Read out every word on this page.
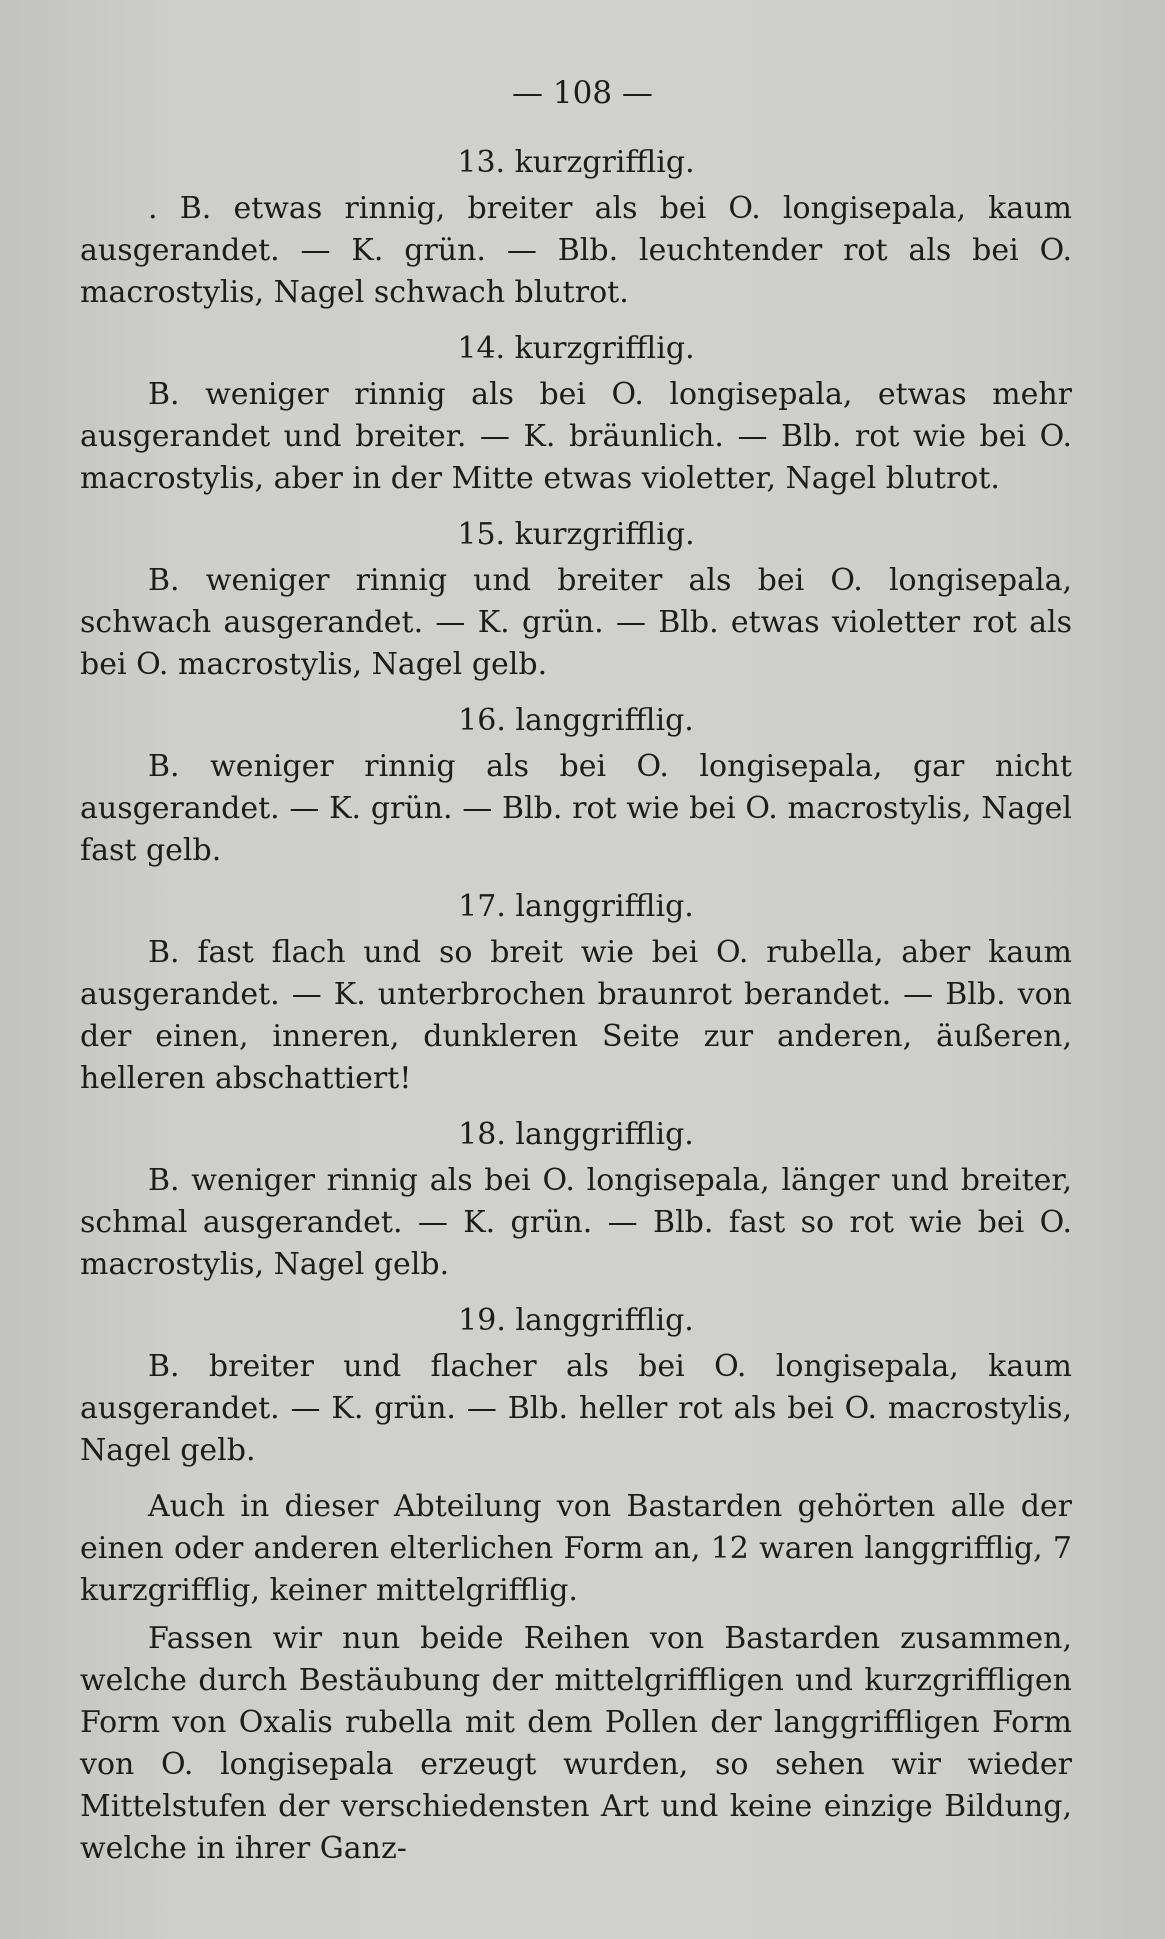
— 108 —
13. kurzgrifflig.

. B. etwas rinnig, breiter als bei O. longisepala, kaum ausgerandet. — K. grün. — Blb. leuchtender rot als bei O. macrostylis, Nagel schwach blutrot.

14. kurzgrifflig.

B. weniger rinnig als bei O. longisepala, etwas mehr ausgerandet und breiter. — K. bräunlich. — Blb. rot wie bei O. macrostylis, aber in der Mitte etwas violetter, Nagel blutrot.

15. kurzgrifflig.

B. weniger rinnig und breiter als bei O. longisepala, schwach ausgerandet. — K. grün. — Blb. etwas violetter rot als bei O. macrostylis, Nagel gelb.

16. langgrifflig.

B. weniger rinnig als bei O. longisepala, gar nicht ausgerandet. — K. grün. — Blb. rot wie bei O. macrostylis, Nagel fast gelb.

17. langgrifflig.

B. fast flach und so breit wie bei O. rubella, aber kaum ausgerandet. — K. unterbrochen braunrot berandet. — Blb. von der einen, inneren, dunkleren Seite zur anderen, äußeren, helleren abschattiert!

18. langgrifflig.

B. weniger rinnig als bei O. longisepala, länger und breiter, schmal ausgerandet. — K. grün. — Blb. fast so rot wie bei O. macrostylis, Nagel gelb.

19. langgrifflig.

B. breiter und flacher als bei O. longisepala, kaum ausgerandet. — K. grün. — Blb. heller rot als bei O. macrostylis, Nagel gelb.

Auch in dieser Abteilung von Bastarden gehörten alle der einen oder anderen elterlichen Form an, 12 waren langgrifflig, 7 kurzgrifflig, keiner mittelgrifflig.

Fassen wir nun beide Reihen von Bastarden zusammen, welche durch Bestäubung der mittelgriffligen und kurzgriffligen Form von Oxalis rubella mit dem Pollen der langgriffligen Form von O. longisepala erzeugt wurden, so sehen wir wieder Mittelstufen der verschiedensten Art und keine einzige Bildung, welche in ihrer Ganz-
